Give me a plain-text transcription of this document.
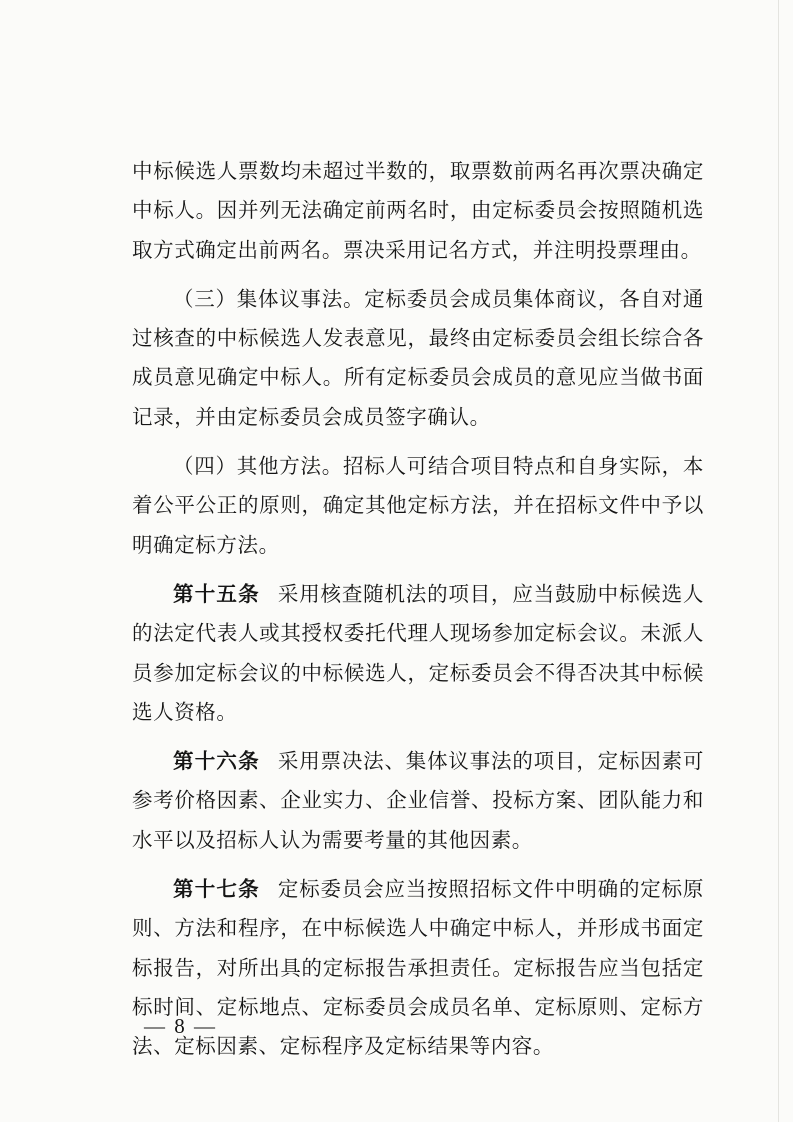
中标候选人票数均未超过半数的，取票数前两名再次票决确定中标人。因并列无法确定前两名时，由定标委员会按照随机选取方式确定出前两名。票决采用记名方式，并注明投票理由。

（三）集体议事法。定标委员会成员集体商议，各自对通过核查的中标候选人发表意见，最终由定标委员会组长综合各成员意见确定中标人。所有定标委员会成员的意见应当做书面记录，并由定标委员会成员签字确认。

（四）其他方法。招标人可结合项目特点和自身实际，本着公平公正的原则，确定其他定标方法，并在招标文件中予以明确定标方法。

第十五条 采用核查随机法的项目，应当鼓励中标候选人的法定代表人或其授权委托代理人现场参加定标会议。未派人员参加定标会议的中标候选人，定标委员会不得否决其中标候选人资格。

第十六条 采用票决法、集体议事法的项目，定标因素可参考价格因素、企业实力、企业信誉、投标方案、团队能力和水平以及招标人认为需要考量的其他因素。

第十七条 定标委员会应当按照招标文件中明确的定标原则、方法和程序，在中标候选人中确定中标人，并形成书面定标报告，对所出具的定标报告承担责任。定标报告应当包括定标时间、定标地点、定标委员会成员名单、定标原则、定标方法、定标因素、定标程序及定标结果等内容。

— 8 —
